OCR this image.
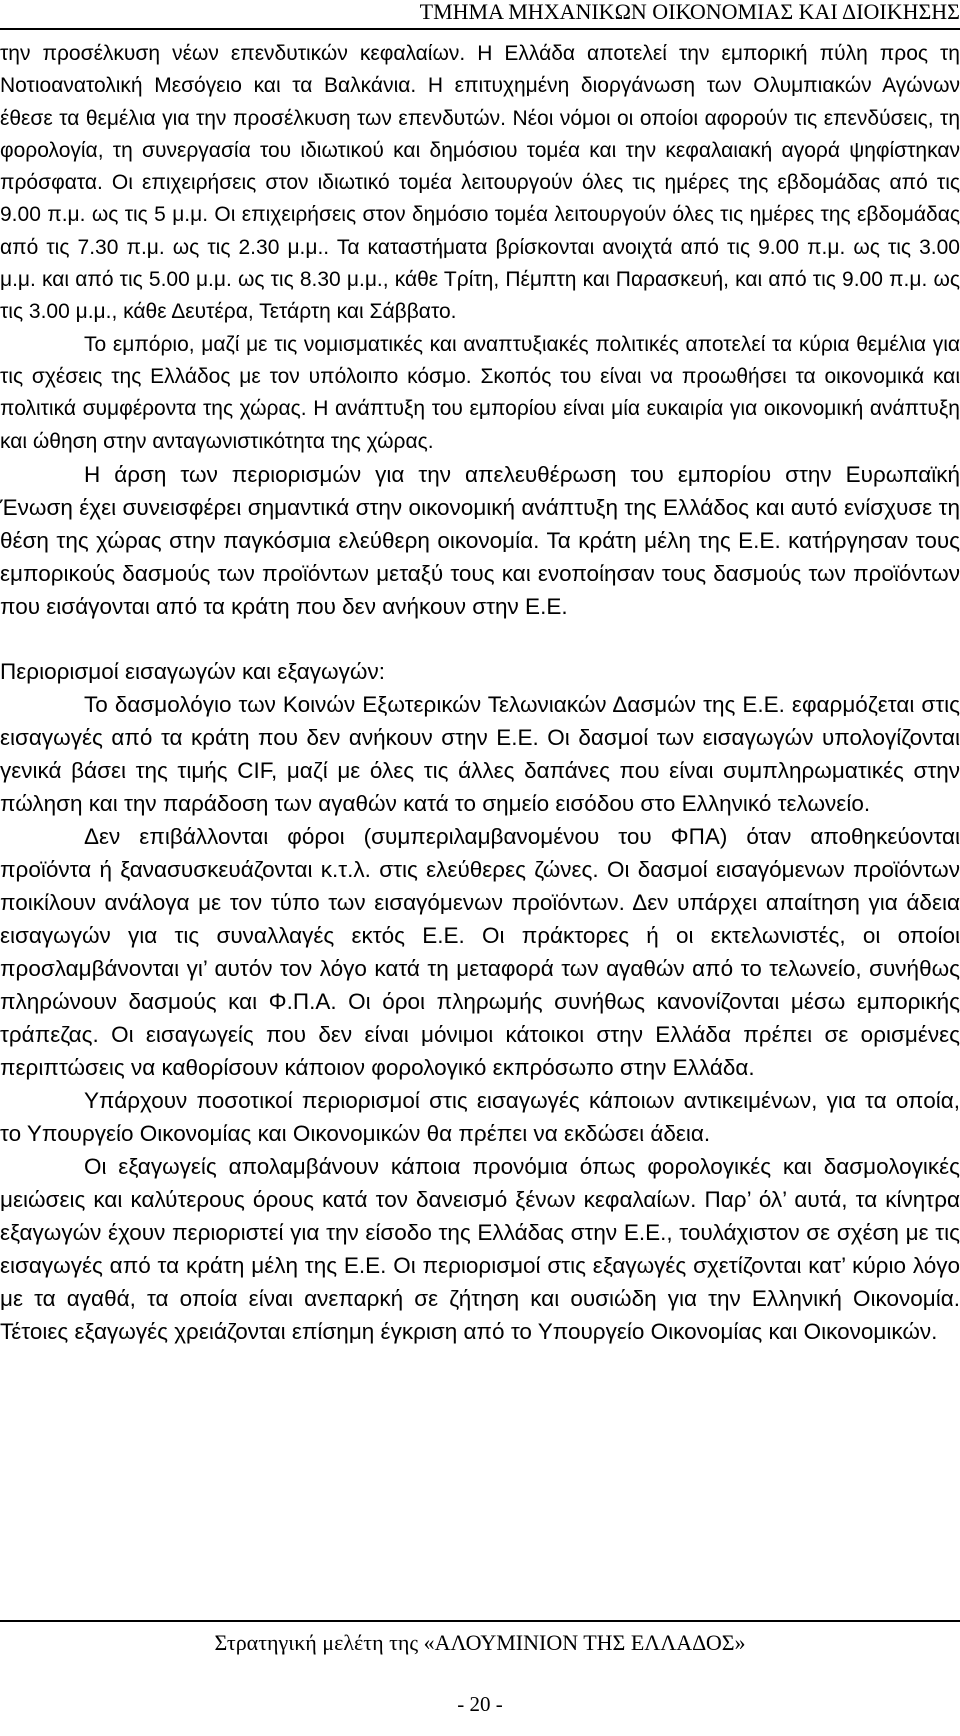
ΤΜΗΜΑ ΜΗΧΑΝΙΚΩΝ ΟΙΚΟΝΟΜΙΑΣ ΚΑΙ ΔΙΟΙΚΗΣΗΣ

την προσέλκυση νέων επενδυτικών κεφαλαίων. Η Ελλάδα αποτελεί την εμπορική πύλη προς τη Νοτιοανατολική Μεσόγειο και τα Βαλκάνια. Η επιτυχημένη διοργάνωση των Ολυμπιακών Αγώνων έθεσε τα θεμέλια για την προσέλκυση των επενδυτών. Νέοι νόμοι οι οποίοι αφορούν τις επενδύσεις, τη φορολογία, τη συνεργασία του ιδιωτικού και δημόσιου τομέα και την κεφαλαιακή αγορά ψηφίστηκαν πρόσφατα. Οι επιχειρήσεις στον ιδιωτικό τομέα λειτουργούν όλες τις ημέρες της εβδομάδας από τις 9.00 π.μ. ως τις 5 μ.μ. Οι επιχειρήσεις στον δημόσιο τομέα λειτουργούν όλες τις ημέρες της εβδομάδας από τις 7.30 π.μ. ως τις 2.30 μ.μ.. Τα καταστήματα βρίσκονται ανοιχτά από τις 9.00 π.μ. ως τις 3.00 μ.μ. και από τις 5.00 μ.μ. ως τις 8.30 μ.μ., κάθε Τρίτη, Πέμπτη και Παρασκευή, και από τις 9.00 π.μ. ως τις 3.00 μ.μ., κάθε Δευτέρα, Τετάρτη και Σάββατο.

Το εμπόριο, μαζί με τις νομισματικές και αναπτυξιακές πολιτικές αποτελεί τα κύρια θεμέλια για τις σχέσεις της Ελλάδος με τον υπόλοιπο κόσμο. Σκοπός του είναι να προωθήσει τα οικονομικά και πολιτικά συμφέροντα της χώρας. Η ανάπτυξη του εμπορίου είναι μία ευκαιρία για οικονομική ανάπτυξη και ώθηση στην ανταγωνιστικότητα της χώρας.

Η άρση των περιορισμών για την απελευθέρωση του εμπορίου στην Ευρωπαϊκή Ένωση έχει συνεισφέρει σημαντικά στην οικονομική ανάπτυξη της Ελλάδος και αυτό ενίσχυσε τη θέση της χώρας στην παγκόσμια ελεύθερη οικονομία. Τα κράτη μέλη της Ε.Ε. κατήργησαν τους εμπορικούς δασμούς των προϊόντων μεταξύ τους και ενοποίησαν τους δασμούς των προϊόντων που εισάγονται από τα κράτη που δεν ανήκουν στην Ε.Ε.

Περιορισμοί εισαγωγών και εξαγωγών:

Το δασμολόγιο των Κοινών Εξωτερικών Τελωνιακών Δασμών της Ε.Ε. εφαρμόζεται στις εισαγωγές από τα κράτη που δεν ανήκουν στην Ε.Ε. Οι δασμοί των εισαγωγών υπολογίζονται γενικά βάσει της τιμής CIF, μαζί με όλες τις άλλες δαπάνες που είναι συμπληρωματικές στην πώληση και την παράδοση των αγαθών κατά το σημείο εισόδου στο Ελληνικό τελωνείο.

Δεν επιβάλλονται φόροι (συμπεριλαμβανομένου του ΦΠΑ) όταν αποθηκεύονται προϊόντα ή ξανασυσκευάζονται κ.τ.λ. στις ελεύθερες ζώνες. Οι δασμοί εισαγόμενων προϊόντων ποικίλουν ανάλογα με τον τύπο των εισαγόμενων προϊόντων. Δεν υπάρχει απαίτηση για άδεια εισαγωγών για τις συναλλαγές εκτός Ε.Ε. Οι πράκτορες ή οι εκτελωνιστές, οι οποίοι προσλαμβάνονται γι’ αυτόν τον λόγο κατά τη μεταφορά των αγαθών από το τελωνείο, συνήθως πληρώνουν δασμούς και Φ.Π.Α. Οι όροι πληρωμής συνήθως κανονίζονται μέσω εμπορικής τράπεζας. Οι εισαγωγείς που δεν είναι μόνιμοι κάτοικοι στην Ελλάδα πρέπει σε ορισμένες περιπτώσεις να καθορίσουν κάποιον φορολογικό εκπρόσωπο στην Ελλάδα.

Υπάρχουν ποσοτικοί περιορισμοί στις εισαγωγές κάποιων αντικειμένων, για τα οποία, το Υπουργείο Οικονομίας και Οικονομικών θα πρέπει να εκδώσει άδεια.

Οι εξαγωγείς απολαμβάνουν κάποια προνόμια όπως φορολογικές και δασμολογικές μειώσεις και καλύτερους όρους κατά τον δανεισμό ξένων κεφαλαίων. Παρ’ όλ’ αυτά, τα κίνητρα εξαγωγών έχουν περιοριστεί για την είσοδο της Ελλάδας στην Ε.Ε., τουλάχιστον σε σχέση με τις εισαγωγές από τα κράτη μέλη της Ε.Ε. Οι περιορισμοί στις εξαγωγές σχετίζονται κατ’ κύριο λόγο με τα αγαθά, τα οποία είναι ανεπαρκή σε ζήτηση και ουσιώδη για την Ελληνική Οικονομία. Τέτοιες εξαγωγές χρειάζονται επίσημη έγκριση από το Υπουργείο Οικονομίας και Οικονομικών.

Στρατηγική μελέτη της «ΑΛΟΥΜΙΝΙΟΝ ΤΗΣ ΕΛΛΑΔΟΣ»
- 20 -
